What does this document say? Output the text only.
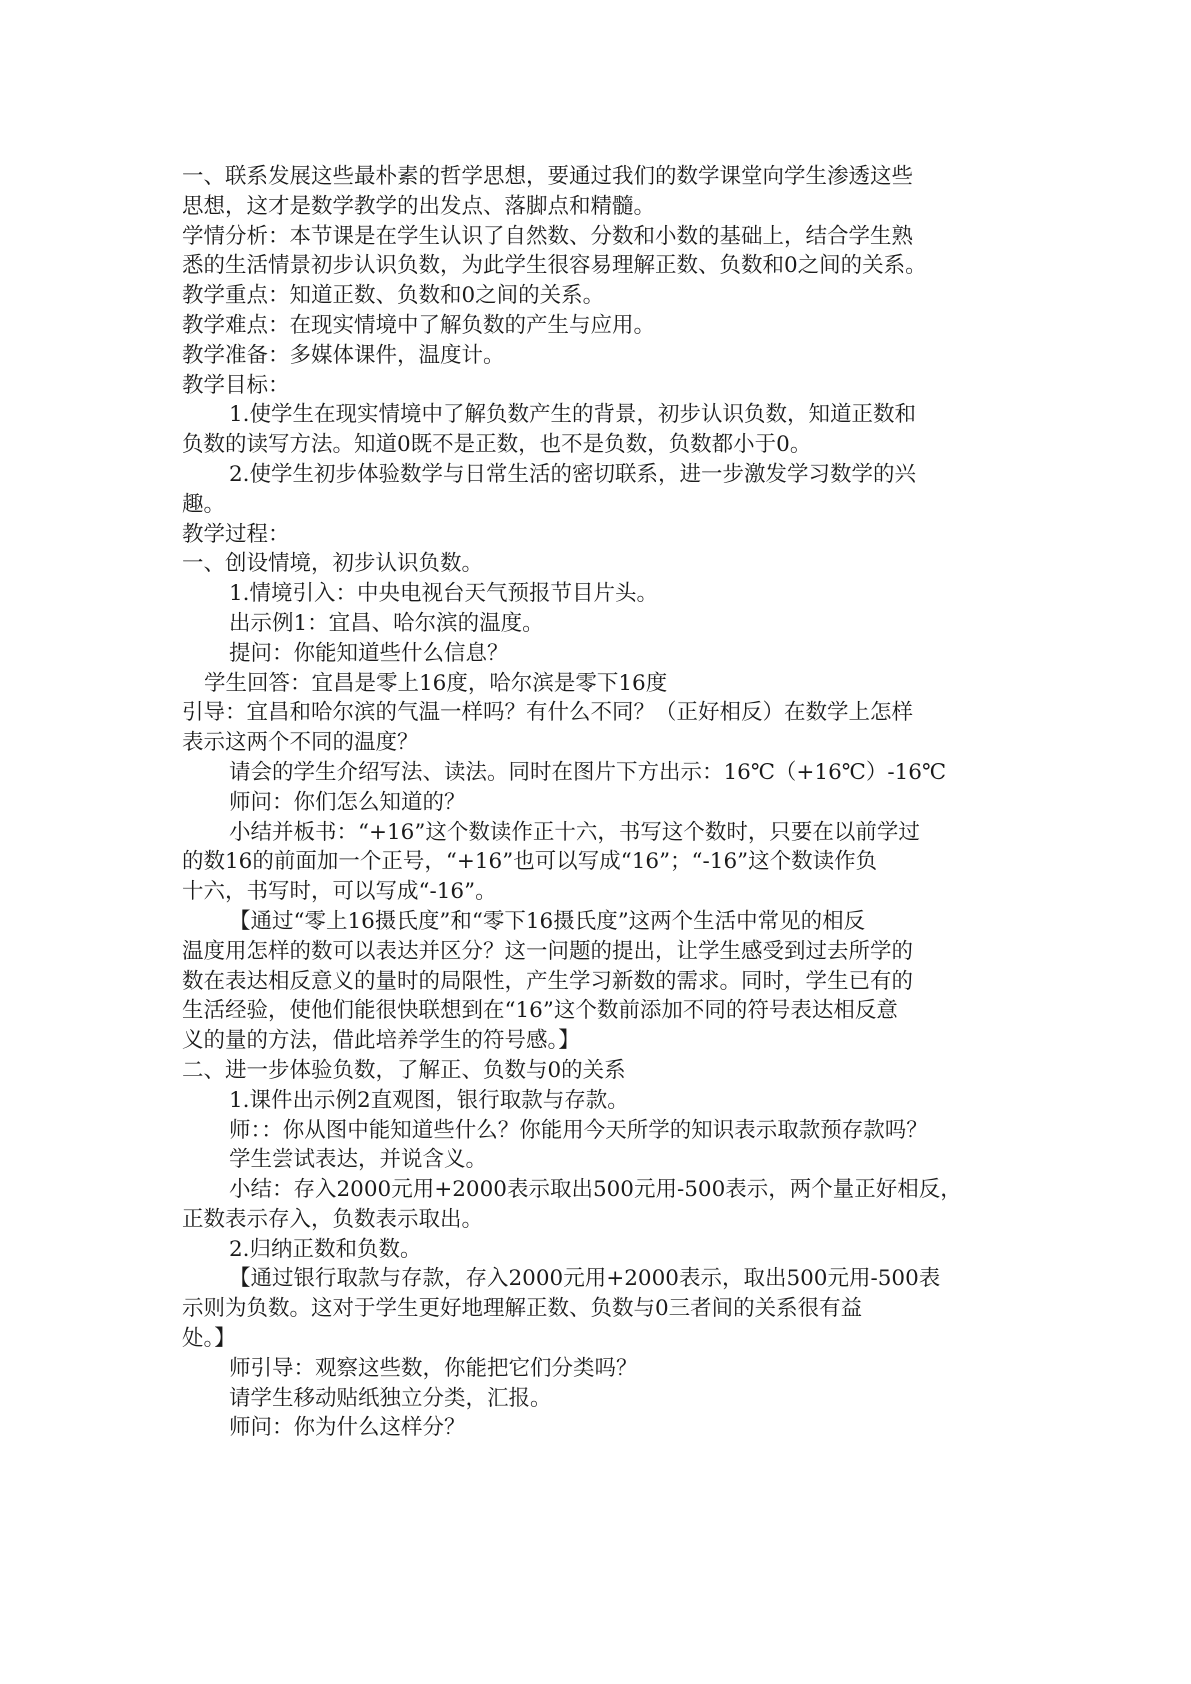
一、联系发展这些最朴素的哲学思想，要通过我们的数学课堂向学生渗透这些

思想，这才是数学教学的出发点、落脚点和精髓。

学情分析：本节课是在学生认识了自然数、分数和小数的基础上，结合学生熟

悉的生活情景初步认识负数，为此学生很容易理解正数、负数和0之间的关系。

教学重点：知道正数、负数和0之间的关系。

教学难点：在现实情境中了解负数的产生与应用。

教学准备：多媒体课件，温度计。

教学目标：

1.使学生在现实情境中了解负数产生的背景，初步认识负数，知道正数和

负数的读写方法。知道0既不是正数，也不是负数，负数都小于0。

2.使学生初步体验数学与日常生活的密切联系，进一步激发学习数学的兴

趣。

教学过程：

一、创设情境，初步认识负数。

1.情境引入：中央电视台天气预报节目片头。

出示例1：宜昌、哈尔滨的温度。

提问：你能知道些什么信息？

学生回答：宜昌是零上16度，哈尔滨是零下16度

引导：宜昌和哈尔滨的气温一样吗？有什么不同？（正好相反）在数学上怎样

表示这两个不同的温度？

请会的学生介绍写法、读法。同时在图片下方出示：16℃（+16℃）-16℃

师问：你们怎么知道的？

小结并板书：“+16”这个数读作正十六，书写这个数时，只要在以前学过

的数16的前面加一个正号，“+16”也可以写成“16”；“-16”这个数读作负

十六，书写时，可以写成“-16”。

【通过“零上16摄氏度”和“零下16摄氏度”这两个生活中常见的相反

温度用怎样的数可以表达并区分？这一问题的提出，让学生感受到过去所学的

数在表达相反意义的量时的局限性，产生学习新数的需求。同时，学生已有的

生活经验，使他们能很快联想到在“16”这个数前添加不同的符号表达相反意

义的量的方法，借此培养学生的符号感。】

二、进一步体验负数，了解正、负数与0的关系

1.课件出示例2直观图，银行取款与存款。

师：：你从图中能知道些什么？你能用今天所学的知识表示取款预存款吗？

学生尝试表达，并说含义。

小结：存入2000元用+2000表示取出500元用-500表示，两个量正好相反，

正数表示存入，负数表示取出。

2.归纳正数和负数。

【通过银行取款与存款，存入2000元用+2000表示，取出500元用-500表

示则为负数。这对于学生更好地理解正数、负数与0三者间的关系很有益

处。】

师引导：观察这些数，你能把它们分类吗？

请学生移动贴纸独立分类，汇报。

师问：你为什么这样分？
